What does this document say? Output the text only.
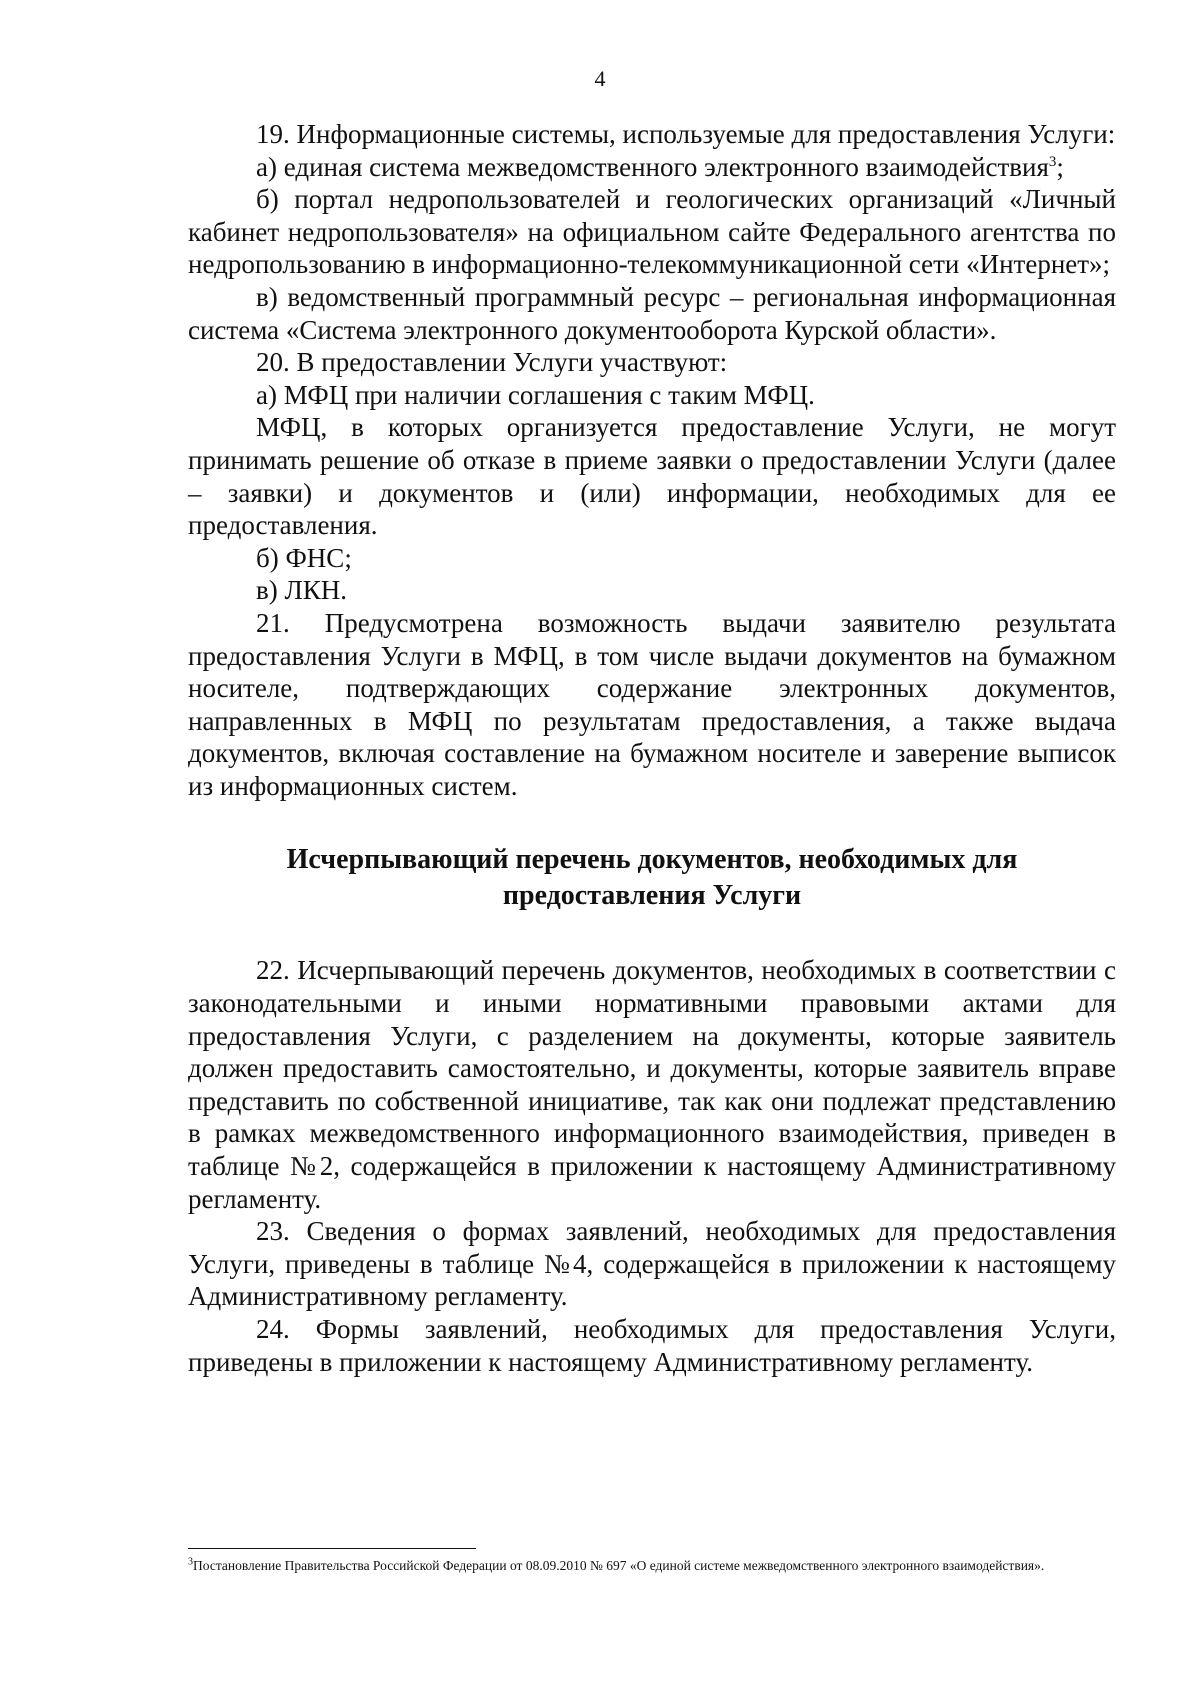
4

19. Информационные системы, используемые для предоставления Услуги:

а) единая система межведомственного электронного взаимодействия$^3$;

б) портал недропользователей и геологических организаций «Личный кабинет недропользователя» на официальном сайте Федерального агентства по недропользованию в информационно-телекоммуникационной сети «Интернет»;

в) ведомственный программный ресурс – региональная информационная система «Система электронного документооборота Курской области».

20. В предоставлении Услуги участвуют:

а) МФЦ при наличии соглашения с таким МФЦ.

МФЦ, в которых организуется предоставление Услуги, не могут принимать решение об отказе в приеме заявки о предоставлении Услуги (далее – заявки) и документов и (или) информации, необходимых для ее предоставления.

б) ФНС;

в) ЛКН.

21. Предусмотрена возможность выдачи заявителю результата предоставления Услуги в МФЦ, в том числе выдачи документов на бумажном носителе, подтверждающих содержание электронных документов, направленных в МФЦ по результатам предоставления, а также выдача документов, включая составление на бумажном носителе и заверение выписок из информационных систем.

Исчерпывающий перечень документов, необходимых для
предоставления Услуги

22. Исчерпывающий перечень документов, необходимых в соответствии с законодательными и иными нормативными правовыми актами для предоставления Услуги, с разделением на документы, которые заявитель должен предоставить самостоятельно, и документы, которые заявитель вправе представить по собственной инициативе, так как они подлежат представлению в рамках межведомственного информационного взаимодействия, приведен в таблице №2, содержащейся в приложении к настоящему Административному регламенту.

23. Сведения о формах заявлений, необходимых для предоставления Услуги, приведены в таблице №4, содержащейся в приложении к настоящему Административному регламенту.

24. Формы заявлений, необходимых для предоставления Услуги, приведены в приложении к настоящему Административному регламенту.

$^3$Постановление Правительства Российской Федерации от 08.09.2010 № 697 «О единой системе межведомственного электронного взаимодействия».
